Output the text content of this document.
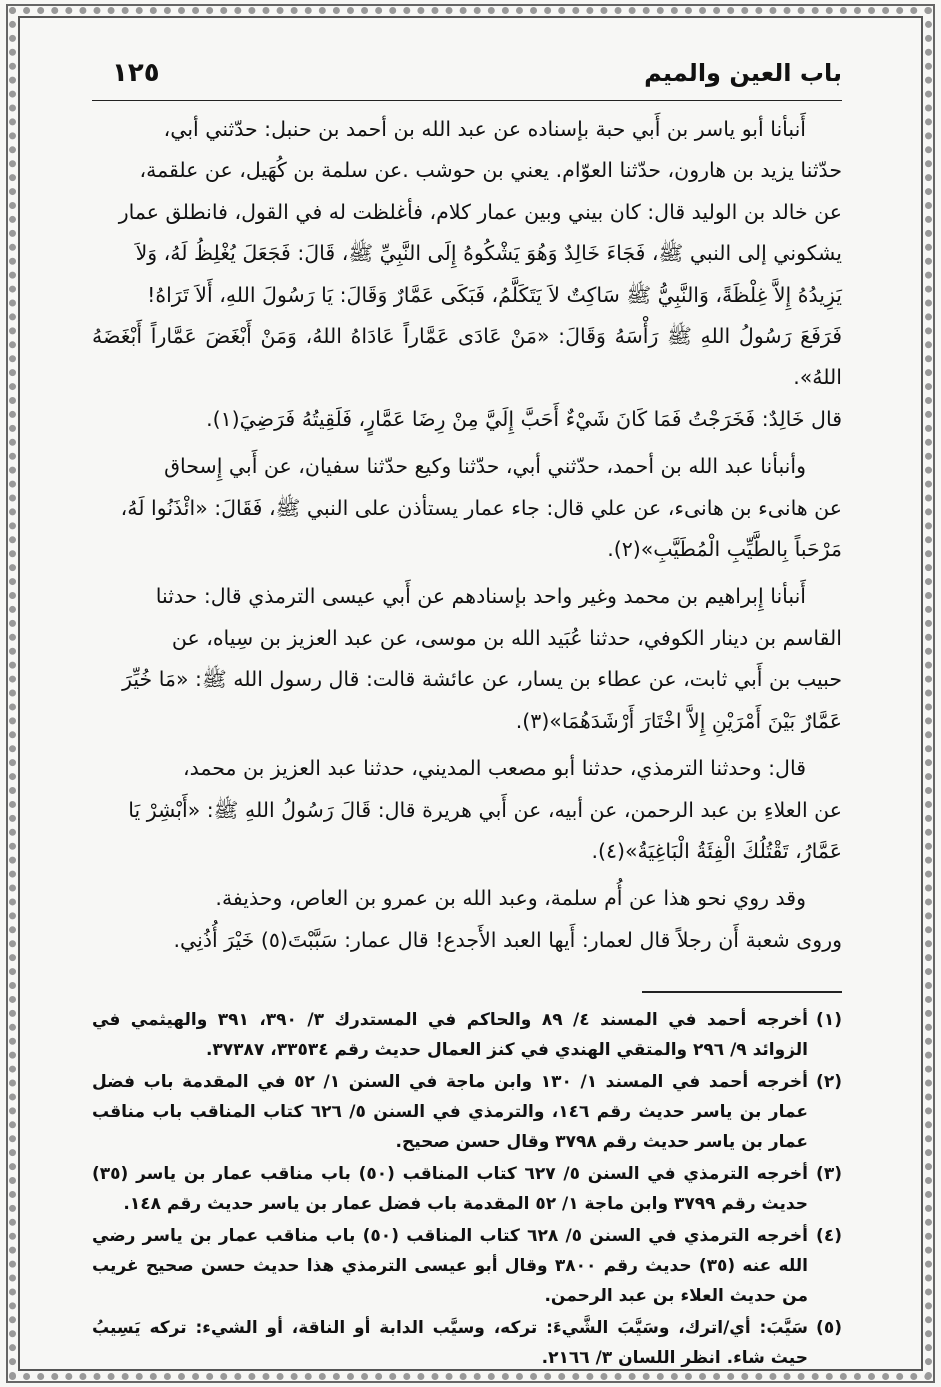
باب العين والميم
١٢٥

أَنبأنا أبو ياسر بن أَبي حبة بإسناده عن عبد الله بن أحمد بن حنبل: حدّثني أبي،

حدّثنا يزيد بن هارون، حدّثنا العوّام. يعني بن حوشب .عن سلمة بن كُهَيل، عن علقمة،

عن خالد بن الوليد قال: كان بيني وبين عمار كلام، فأغلظت له في القول، فانطلق عمار

يشكوني إلى النبي ﷺ، فَجَاءَ خَالِدٌ وَهُوَ يَشْكُوهُ إِلَى النَّبِيِّ ﷺ، قَالَ: فَجَعَلَ يُغْلِظُ لَهُ، وَلاَ

يَزِيدُهُ إِلاَّ غِلْظَةً، وَالنَّبِيُّ ﷺ سَاكِتٌ لاَ يَتَكَلَّمُ، فَبَكَى عَمَّارٌ وَقَالَ: يَا رَسُولَ اللهِ، أَلاَ تَرَاهُ!

فَرَفَعَ رَسُولُ اللهِ ﷺ رَأْسَهُ وَقَالَ: «مَنْ عَادَى عَمَّاراً عَادَاهُ اللهُ، وَمَنْ أَبْغَضَ عَمَّاراً أَبْغَضَهُ اللهُ».

قال خَالِدٌ: فَخَرَجْتُ فَمَا كَانَ شَيْءٌ أَحَبَّ إِلَيَّ مِنْ رِضَا عَمَّارٍ، فَلَقِيتُهُ فَرَضِيَ(١).

وأنبأنا عبد الله بن أحمد، حدّثني أبي، حدّثنا وكيع حدّثنا سفيان، عن أَبي إِسحاق

عن هانىء بن هانىء، عن علي قال: جاء عمار يستأذن على النبي ﷺ، فَقَالَ: «ائْذَنُوا لَهُ،

مَرْحَباً بِالطَّيِّبِ الْمُطَيَّبِ»(٢).

أَنبأنا إِبراهيم بن محمد وغير واحد بإسنادهم عن أَبي عيسى الترمذي قال: حدثنا

القاسم بن دينار الكوفي، حدثنا عُبَيد الله بن موسى، عن عبد العزيز بن سِياه، عن

حبيب بن أَبي ثابت، عن عطاء بن يسار، عن عائشة قالت: قال رسول الله ﷺ: «مَا خُيِّرَ

عَمَّارٌ بَيْنَ أَمْرَيْنِ إِلاَّ اخْتَارَ أَرْشَدَهُمَا»(٣).

قال: وحدثنا الترمذي، حدثنا أبو مصعب المديني، حدثنا عبد العزيز بن محمد،

عن العلاءِ بن عبد الرحمن، عن أبيه، عن أَبي هريرة قال: قَالَ رَسُولُ اللهِ ﷺ: «أَبْشِرْ يَا

عَمَّارُ، تَقْتُلُكَ الْفِئَةُ الْبَاغِيَةُ»(٤).

وقد روي نحو هذا عن أُم سلمة، وعبد الله بن عمرو بن العاص، وحذيفة.

وروى شعبة أَن رجلاً قال لعمار: أَيها العبد الأَجدع! قال عمار: سَبَّبْتَ(٥) خَيْرَ أُذُنِي.

(١)
أخرجه أحمد في المسند ٤/ ٨٩ والحاكم في المستدرك ٣/ ٣٩٠، ٣٩١ والهيثمي في الزوائد ٩/ ٢٩٦ والمتقي الهندي في كنز العمال حديث رقم ٣٣٥٣٤، ٣٧٣٨٧.
(٢)
أخرجه أحمد في المسند ١/ ١٣٠ وابن ماجة في السنن ١/ ٥٢ في المقدمة باب فضل عمار بن ياسر حديث رقم ١٤٦، والترمذي في السنن ٥/ ٦٢٦ كتاب المناقب باب مناقب عمار بن ياسر حديث رقم ٣٧٩٨ وقال حسن صحيح.
(٣)
أخرجه الترمذي في السنن ٥/ ٦٢٧ كتاب المناقب (٥٠) باب مناقب عمار بن ياسر (٣٥) حديث رقم ٣٧٩٩ وابن ماجة ١/ ٥٢ المقدمة باب فضل عمار بن ياسر حديث رقم ١٤٨.
(٤)
أخرجه الترمذي في السنن ٥/ ٦٢٨ كتاب المناقب (٥٠) باب مناقب عمار بن ياسر رضي الله عنه (٣٥) حديث رقم ٣٨٠٠ وقال أبو عيسى الترمذي هذا حديث حسن صحيح غريب من حديث العلاء بن عبد الرحمن.
(٥)
سَيَّبَ: أي/اترك، وسَيَّبَ الشَّيءَ: تركه، وسيَّب الدابة أو الناقة، أو الشيء: تركه يَسِيبُ حيث شاء. انظر اللسان ٣/ ٢١٦٦.
